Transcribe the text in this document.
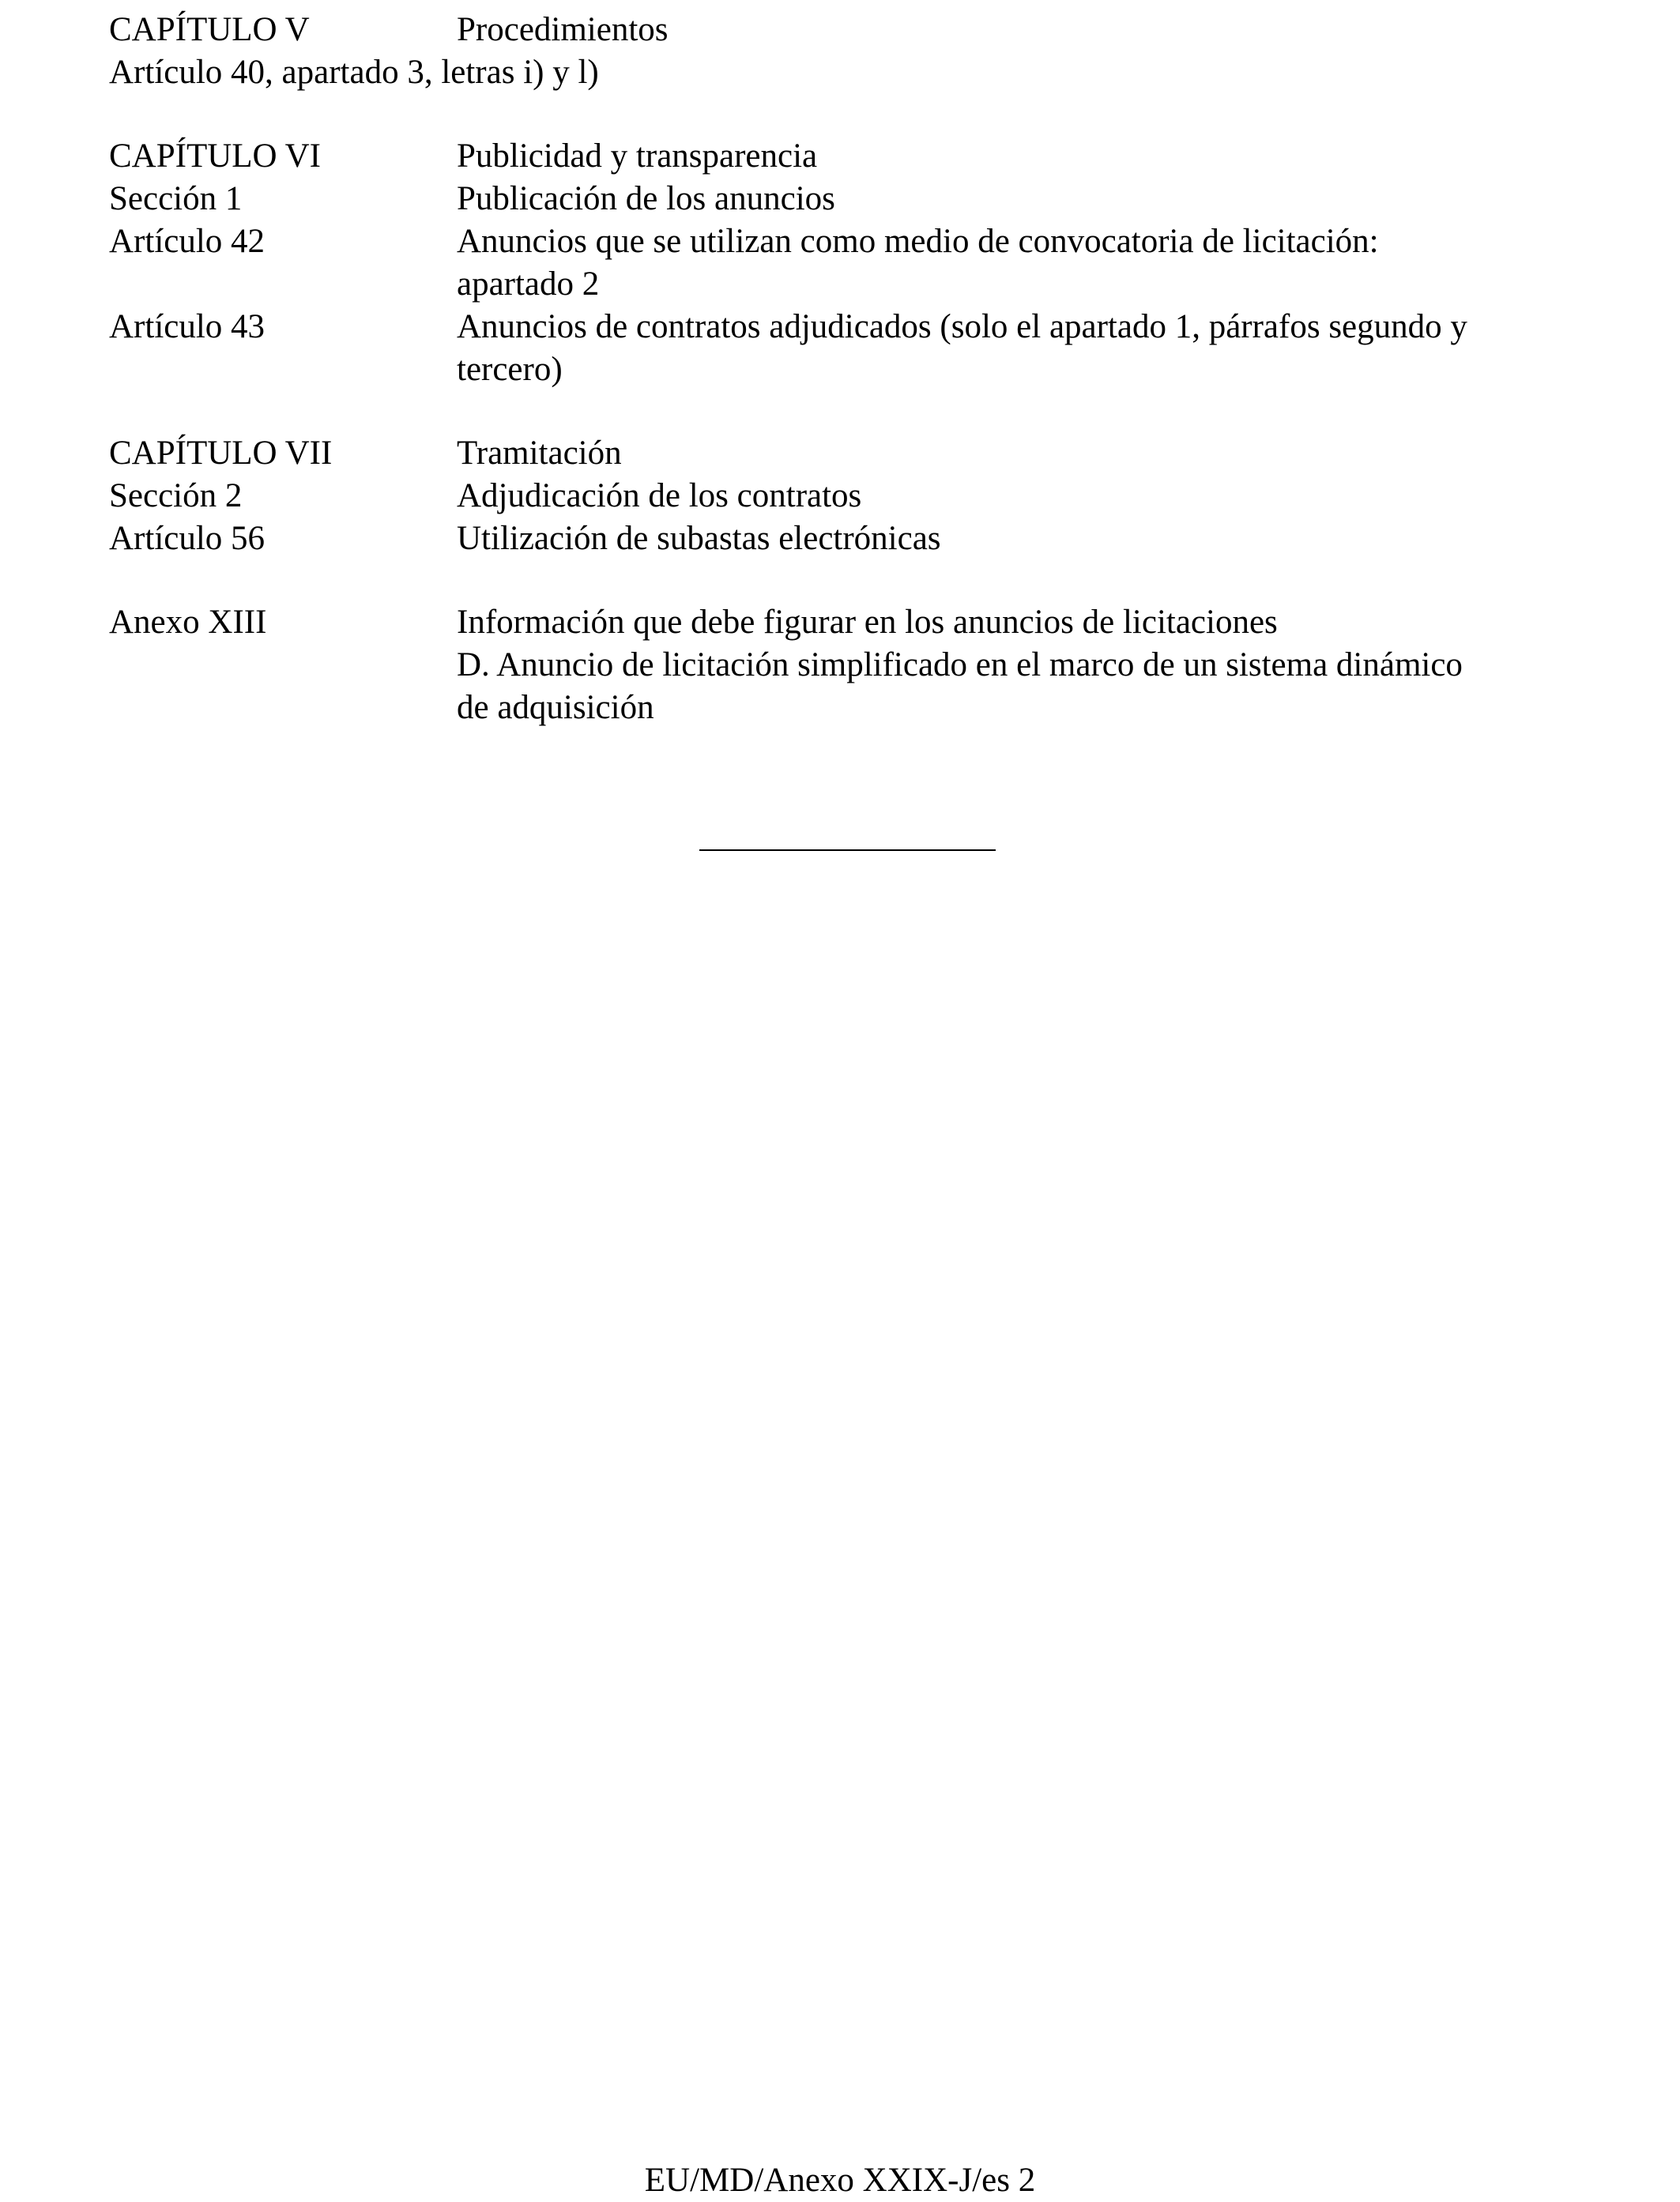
CAPÍTULO V	Procedimientos
Artículo 40, apartado 3, letras i) y l)
CAPÍTULO VI	Publicidad y transparencia
Sección 1	Publicación de los anuncios
Artículo 42	Anuncios que se utilizan como medio de convocatoria de licitación:
apartado 2
Artículo 43	Anuncios de contratos adjudicados (solo el apartado 1, párrafos segundo y
tercero)
CAPÍTULO VII	Tramitación
Sección 2	Adjudicación de los contratos
Artículo 56	Utilización de subastas electrónicas
Anexo XIII	Información que debe figurar en los anuncios de licitaciones
D. Anuncio de licitación simplificado en el marco de un sistema dinámico
de adquisición
EU/MD/Anexo XXIX-J/es 2
